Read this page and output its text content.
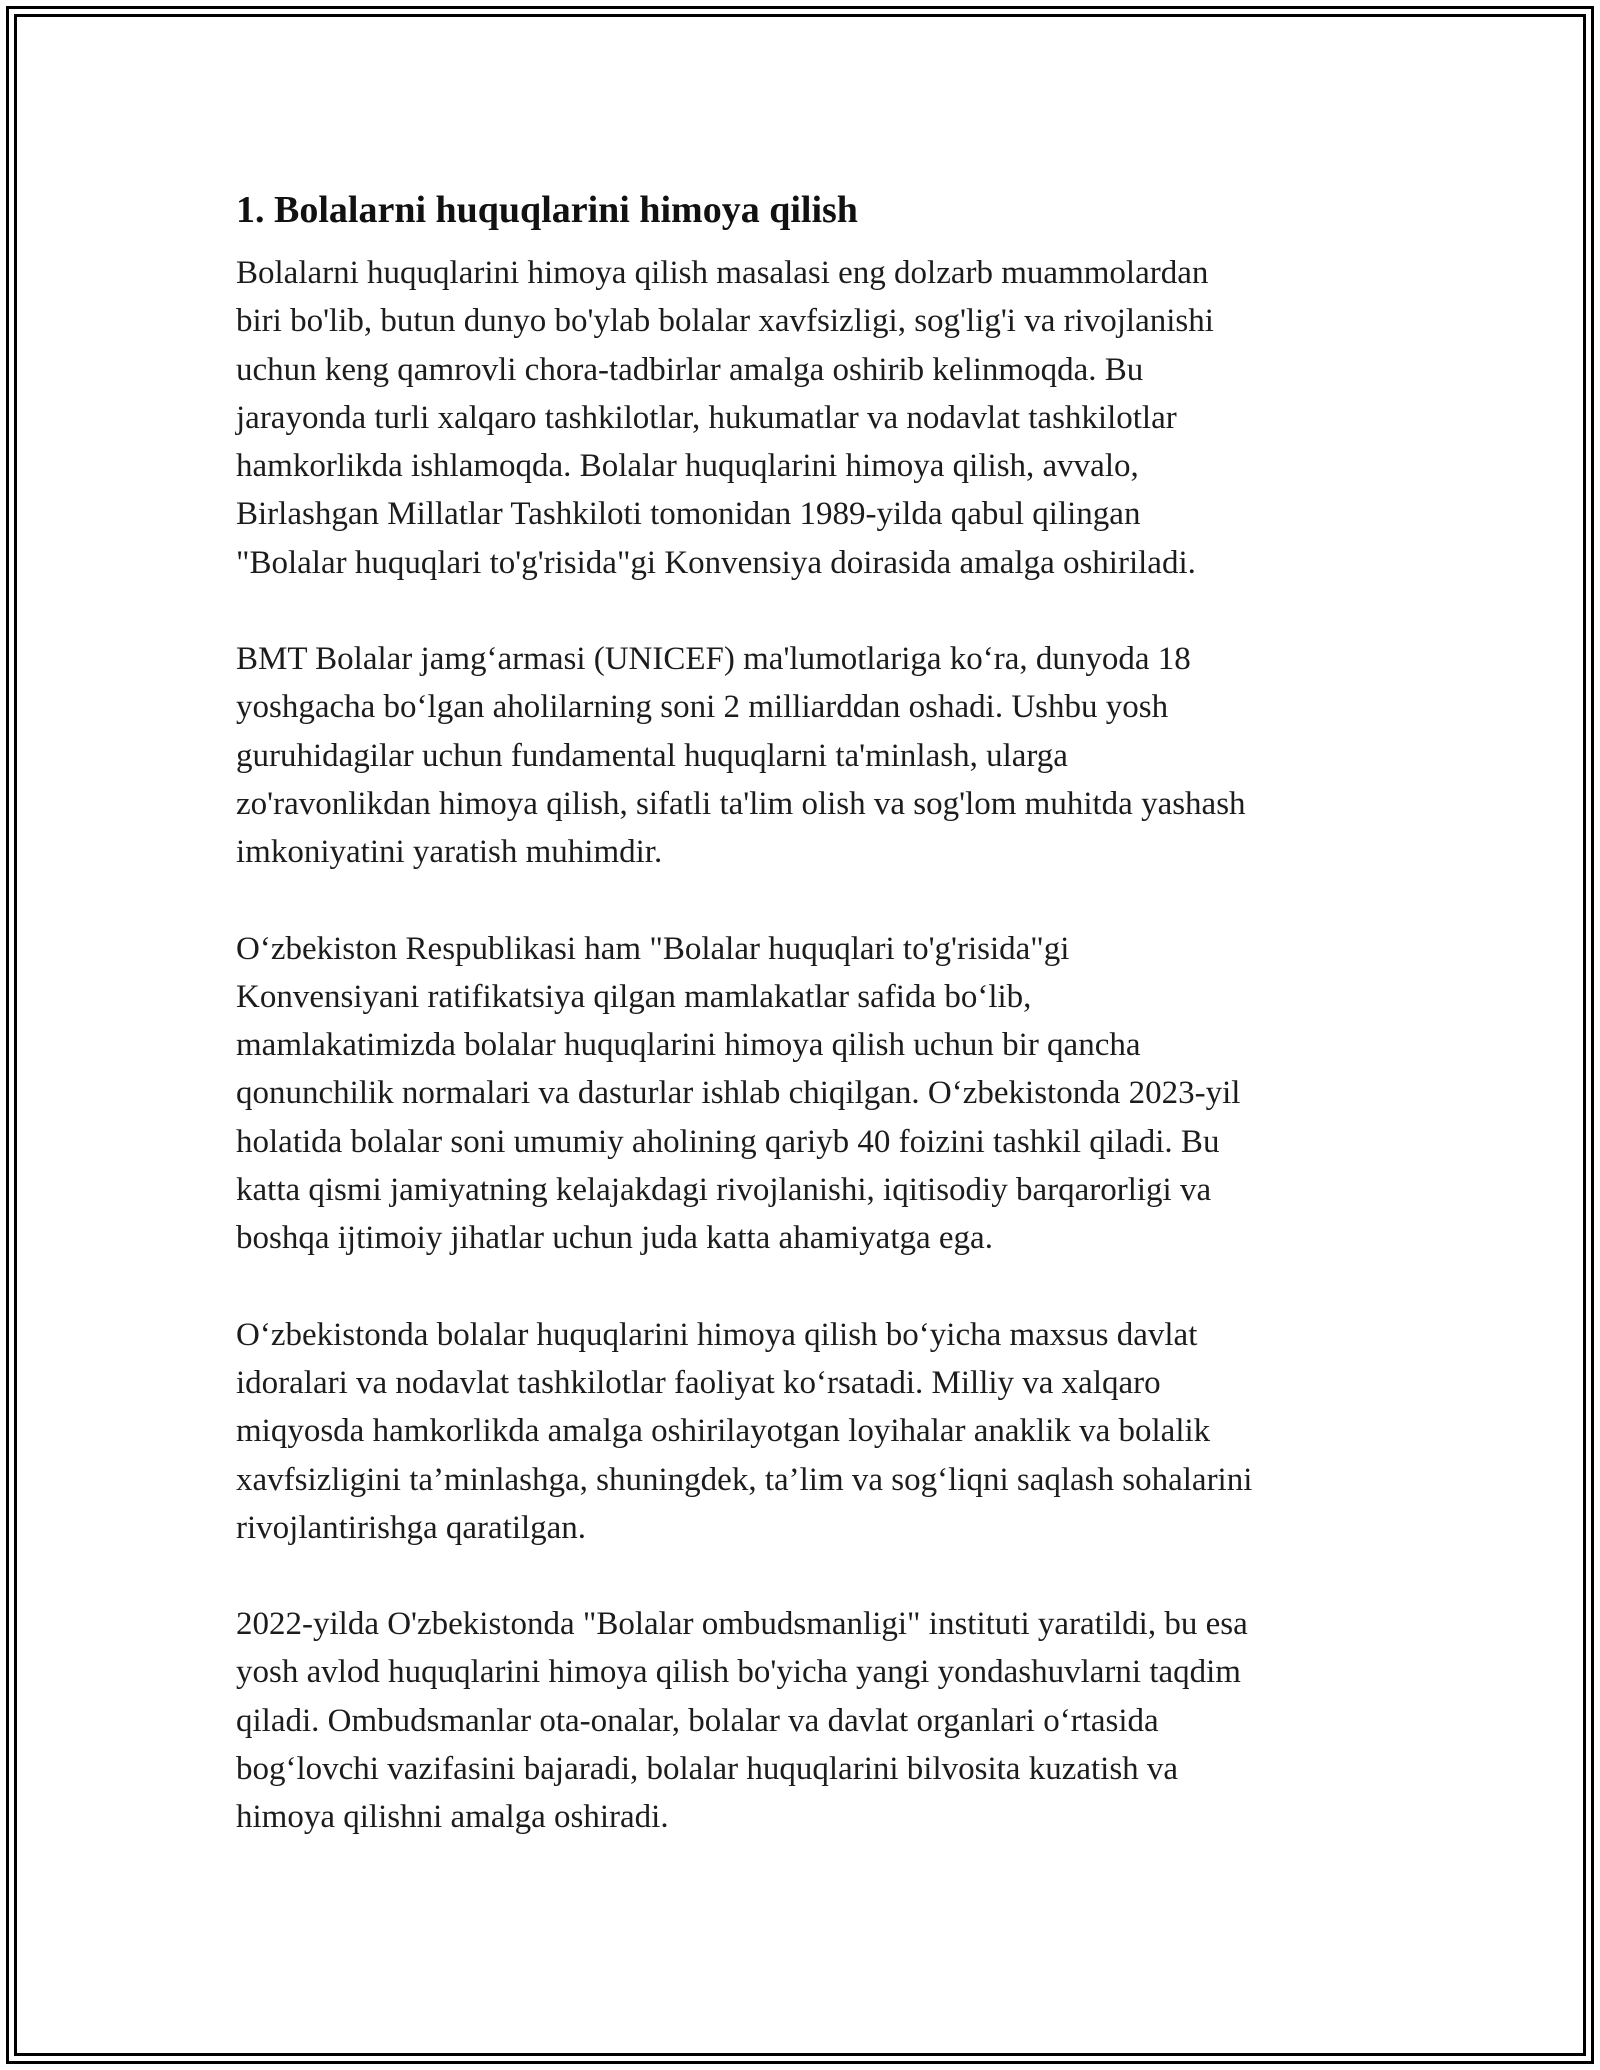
1. Bolalarni huquqlarini himoya qilish

Bolalarni huquqlarini himoya qilish masalasi eng dolzarb muammolardan
biri bo'lib, butun dunyo bo'ylab bolalar xavfsizligi, sog'lig'i va rivojlanishi
uchun keng qamrovli chora-tadbirlar amalga oshirib kelinmoqda. Bu
jarayonda turli xalqaro tashkilotlar, hukumatlar va nodavlat tashkilotlar
hamkorlikda ishlamoqda. Bolalar huquqlarini himoya qilish, avvalo,
Birlashgan Millatlar Tashkiloti tomonidan 1989-yilda qabul qilingan
"Bolalar huquqlari to'g'risida"gi Konvensiya doirasida amalga oshiriladi.

BMT Bolalar jamg‘armasi (UNICEF) ma'lumotlariga ko‘ra, dunyoda 18
yoshgacha bo‘lgan aholilarning soni 2 milliarddan oshadi. Ushbu yosh
guruhidagilar uchun fundamental huquqlarni ta'minlash, ularga
zo'ravonlikdan himoya qilish, sifatli ta'lim olish va sog'lom muhitda yashash
imkoniyatini yaratish muhimdir.

O‘zbekiston Respublikasi ham "Bolalar huquqlari to'g'risida"gi
Konvensiyani ratifikatsiya qilgan mamlakatlar safida bo‘lib,
mamlakatimizda bolalar huquqlarini himoya qilish uchun bir qancha
qonunchilik normalari va dasturlar ishlab chiqilgan. O‘zbekistonda 2023-yil
holatida bolalar soni umumiy aholining qariyb 40 foizini tashkil qiladi. Bu
katta qismi jamiyatning kelajakdagi rivojlanishi, iqitisodiy barqarorligi va
boshqa ijtimoiy jihatlar uchun juda katta ahamiyatga ega.

O‘zbekistonda bolalar huquqlarini himoya qilish bo‘yicha maxsus davlat
idoralari va nodavlat tashkilotlar faoliyat ko‘rsatadi. Milliy va xalqaro
miqyosda hamkorlikda amalga oshirilayotgan loyihalar anaklik va bolalik
xavfsizligini ta’minlashga, shuningdek, ta’lim va sog‘liqni saqlash sohalarini
rivojlantirishga qaratilgan.

2022-yilda O'zbekistonda "Bolalar ombudsmanligi" instituti yaratildi, bu esa
yosh avlod huquqlarini himoya qilish bo'yicha yangi yondashuvlarni taqdim
qiladi. Ombudsmanlar ota-onalar, bolalar va davlat organlari o‘rtasida
bog‘lovchi vazifasini bajaradi, bolalar huquqlarini bilvosita kuzatish va
himoya qilishni amalga oshiradi.
